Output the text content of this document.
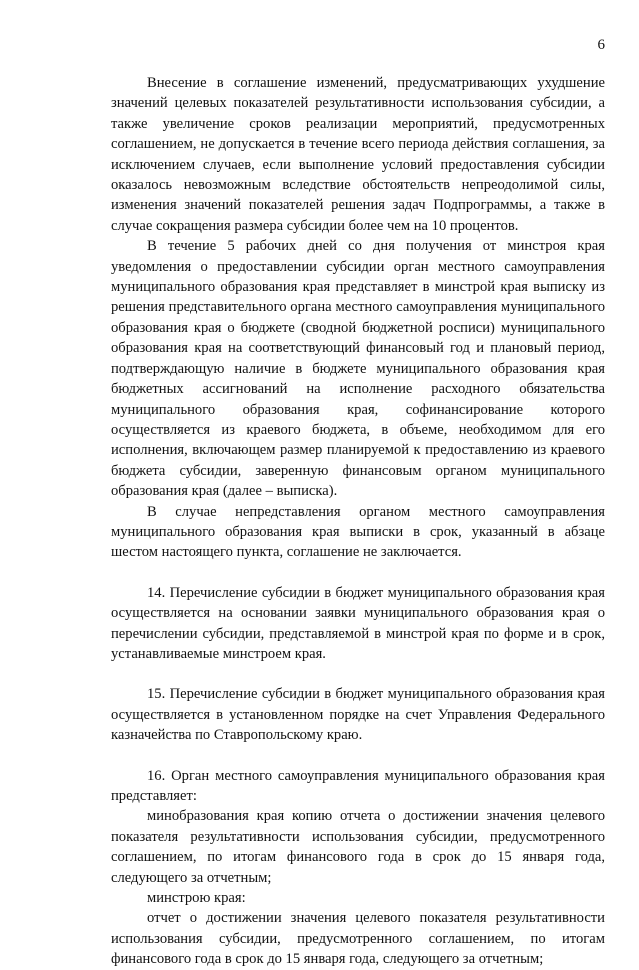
6

Внесение в соглашение изменений, предусматривающих ухудшение значений целевых показателей результативности использования субсидии, а также увеличение сроков реализации мероприятий, предусмотренных соглашением, не допускается в течение всего периода действия соглашения, за исключением случаев, если выполнение условий предоставления субсидии оказалось невозможным вследствие обстоятельств непреодолимой силы, изменения значений показателей решения задач Подпрограммы, а также в случае сокращения размера субсидии более чем на 10 процентов.

В течение 5 рабочих дней со дня получения от минстроя края уведомления о предоставлении субсидии орган местного самоуправления муниципального образования края представляет в минстрой края выписку из решения представительного органа местного самоуправления муниципального образования края о бюджете (сводной бюджетной росписи) муниципального образования края на соответствующий финансовый год и плановый период, подтверждающую наличие в бюджете муниципального образования края бюджетных ассигнований на исполнение расходного обязательства муниципального образования края, софинансирование которого осуществляется из краевого бюджета, в объеме, необходимом для его исполнения, включающем размер планируемой к предоставлению из краевого бюджета субсидии, заверенную финансовым органом муниципального образования края (далее – выписка).

В случае непредставления органом местного самоуправления муниципального образования края выписки в срок, указанный в абзаце шестом настоящего пункта, соглашение не заключается.

14. Перечисление субсидии в бюджет муниципального образования края осуществляется на основании заявки муниципального образования края о перечислении субсидии, представляемой в минстрой края по форме и в срок, устанавливаемые минстроем края.

15. Перечисление субсидии в бюджет муниципального образования края осуществляется в установленном порядке на счет Управления Федерального казначейства по Ставропольскому краю.

16. Орган местного самоуправления муниципального образования края представляет:

минобразования края копию отчета о достижении значения целевого показателя результативности использования субсидии, предусмотренного соглашением, по итогам финансового года в срок до 15 января года, следующего за отчетным;

минстрою края:

отчет о достижении значения целевого показателя результативности использования субсидии, предусмотренного соглашением, по итогам финансового года в срок до 15 января года, следующего за отчетным;
